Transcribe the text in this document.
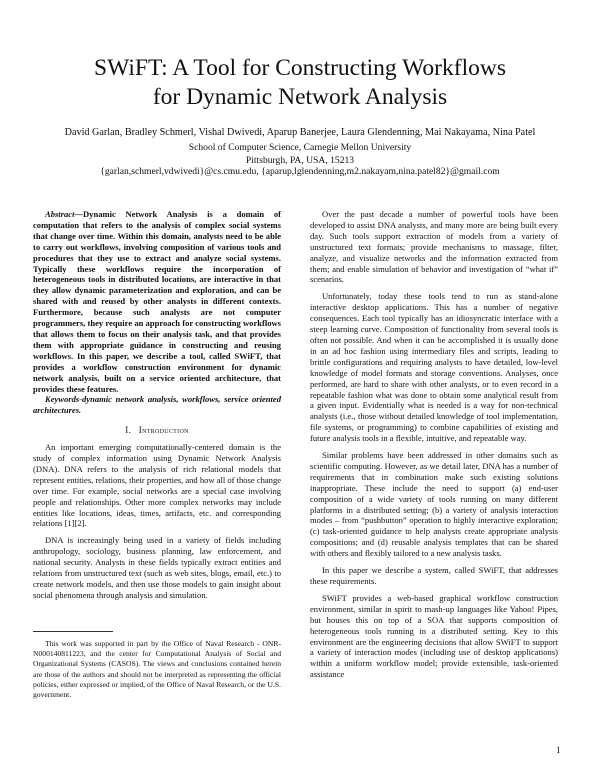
SWiFT: A Tool for Constructing Workflows
for Dynamic Network Analysis
David Garlan, Bradley Schmerl, Vishal Dwivedi, Aparup Banerjee, Laura Glendenning, Mai Nakayama, Nina Patel
School of Computer Science, Carnegie Mellon University
Pittsburgh, PA, USA, 15213
{garlan,schmerl,vdwivedi}@cs.cmu.edu, {aparup,lglendenning,m2.nakayam,nina.patel82}@gmail.com

Abstract—Dynamic Network Analysis is a domain of computation that refers to the analysis of complex social systems that change over time. Within this domain, analysts need to be able to carry out workflows, involving composition of various tools and procedures that they use to extract and analyze social systems. Typically these workflows require the incorporation of heterogeneous tools in distributed locations, are interactive in that they allow dynamic parameterization and exploration, and can be shared with and reused by other analysts in different contexts. Furthermore, because such analysts are not computer programmers, they require an approach for constructing workflows that allows them to focus on their analysis task, and that provides them with appropriate guidance in constructing and reusing workflows. In this paper, we describe a tool, called SWiFT, that provides a workflow construction environment for dynamic network analysis, built on a service oriented architecture, that provides these features.

Keywords-dynamic network analysis, workflows, service oriented architectures.

I. Introduction

An important emerging computationally-centered domain is the study of complex information using Dynamic Network Analysis (DNA). DNA refers to the analysis of rich relational models that represent entities, relations, their properties, and how all of those change over time. For example, social networks are a special case involving people and relationships. Other more complex networks may include entities like locations, ideas, times, artifacts, etc. and corresponding relations [1][2].

DNA is increasingly being used in a variety of fields including anthropology, sociology, business planning, law enforcement, and national security. Analysts in these fields typically extract entities and relations from unstructured text (such as web sites, blogs, email, etc.) to create network models, and then use those models to gain insight about social phenomena through analysis and simulation.

This work was supported in part by the Office of Naval Research - ONR-N000140811223, and the center for Computational Analysis of Social and Organizational Systems (CASOS). The views and conclusions contained herein are those of the authors and should not be interpreted as representing the official policies, either expressed or implied, of the Office of Naval Research, or the U.S. government.

Over the past decade a number of powerful tools have been developed to assist DNA analysts, and many more are being built every day. Such tools support extraction of models from a variety of unstructured text formats; provide mechanisms to massage, filter, analyze, and visualize networks and the information extracted from them; and enable simulation of behavior and investigation of “what if” scenarios.

Unfortunately, today these tools tend to run as stand-alone interactive desktop applications. This has a number of negative consequences. Each tool typically has an idiosyncratic interface with a steep learning curve. Composition of functionality from several tools is often not possible. And when it can be accomplished it is usually done in an ad hoc fashion using intermediary files and scripts, leading to brittle configurations and requiring analysts to have detailed, low-level knowledge of model formats and storage conventions. Analyses, once performed, are hard to share with other analysts, or to even record in a repeatable fashion what was done to obtain some analytical result from a given input. Evidentially what is needed is a way for non-technical analysts (i.e., those without detailed knowledge of tool implementation, file systems, or programming) to combine capabilities of existing and future analysis tools in a flexible, intuitive, and repeatable way.

Similar problems have been addressed in other domains such as scientific computing. However, as we detail later, DNA has a number of requirements that in combination make such existing solutions inappropriate. These include the need to support (a) end-user composition of a wide variety of tools running on many different platforms in a distributed setting; (b) a variety of analysis interaction modes – from “pushbutton” operation to highly interactive exploration; (c) task-oriented guidance to help analysts create appropriate analysis compositions; and (d) reusable analysis templates that can be shared with others and flexibly tailored to a new analysis tasks.

In this paper we describe a system, called SWiFT, that addresses these requirements.

SWiFT provides a web-based graphical workflow construction environment, similar in spirit to mash-up languages like Yahoo! Pipes, but houses this on top of a SOA that supports composition of heterogeneous tools running in a distributed setting. Key to this environment are the engineering decisions that allow SWiFT to support a variety of interaction modes (including use of desktop applications) within a uniform workflow model; provide extensible, task-oriented assistance

1
